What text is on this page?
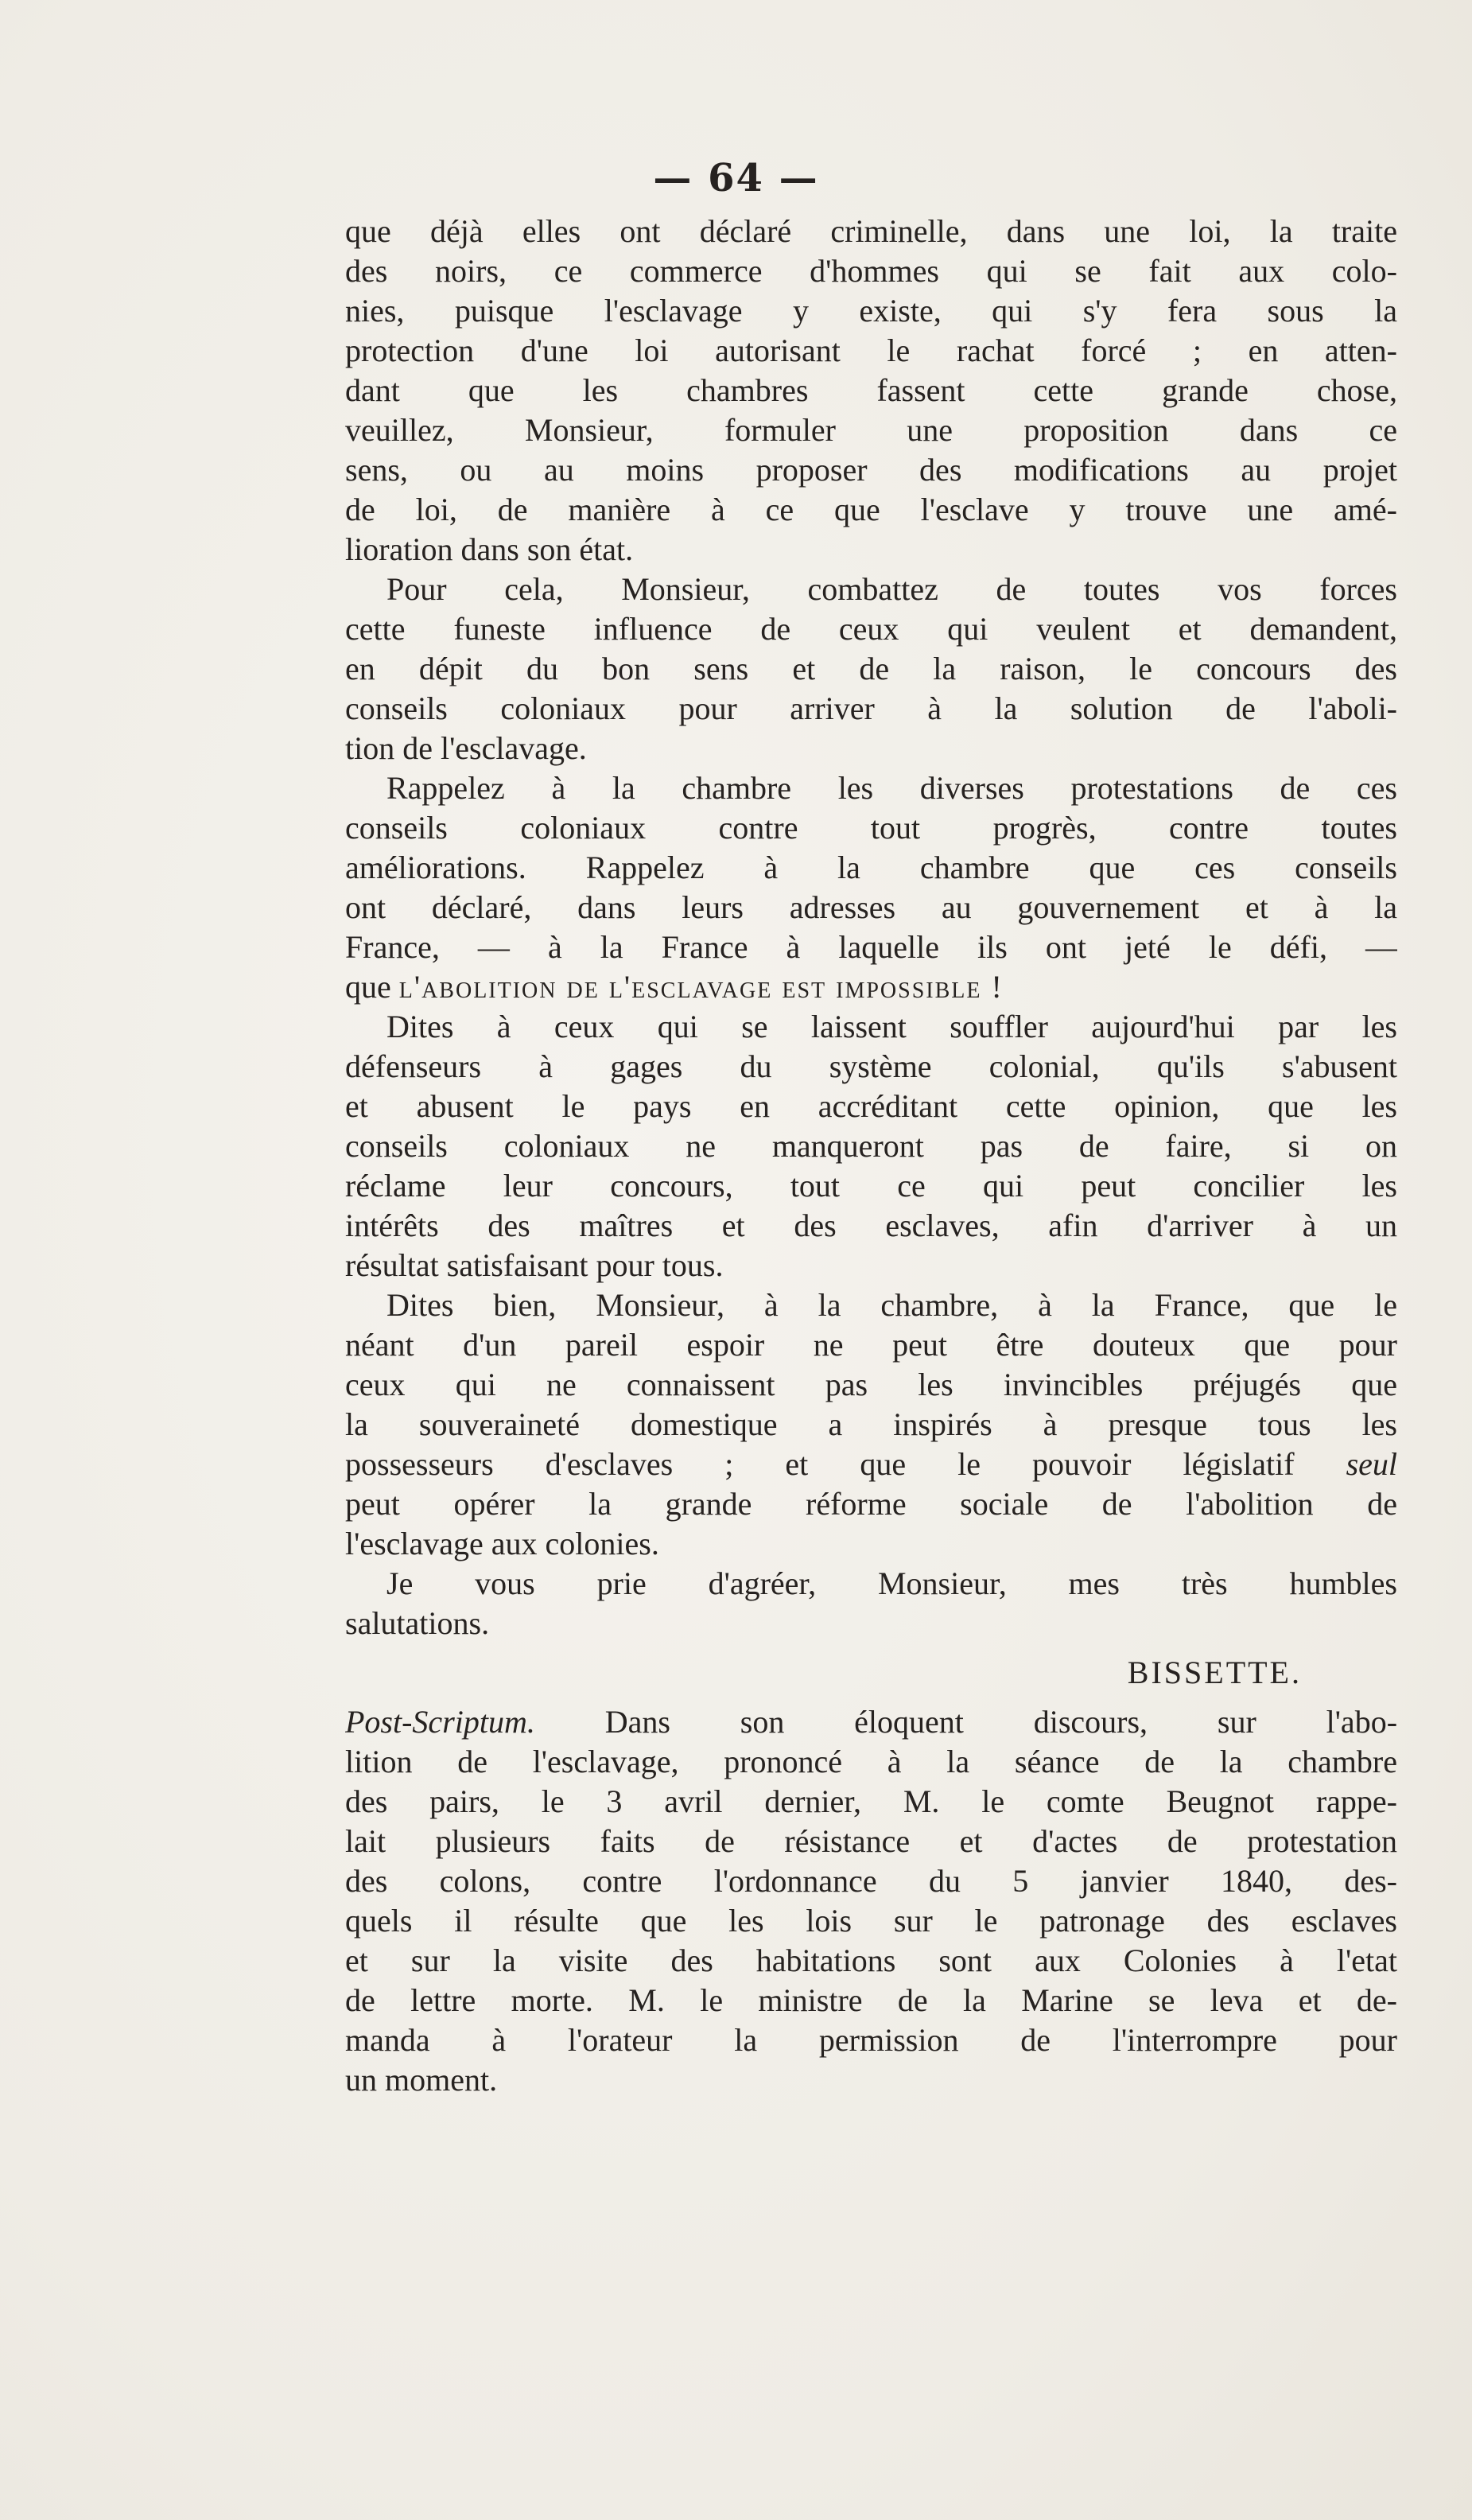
— 64 —
que déjà elles ont déclaré criminelle, dans une loi, la traite
des noirs, ce commerce d'hommes qui se fait aux colo-
nies, puisque l'esclavage y existe, qui s'y fera sous la
protection d'une loi autorisant le rachat forcé ; en atten-
dant que les chambres fassent cette grande chose,
veuillez, Monsieur, formuler une proposition dans ce
sens, ou au moins proposer des modifications au projet
de loi, de manière à ce que l'esclave y trouve une amé-
lioration dans son état.
Pour cela, Monsieur, combattez de toutes vos forces
cette funeste influence de ceux qui veulent et demandent,
en dépit du bon sens et de la raison, le concours des
conseils coloniaux pour arriver à la solution de l'aboli-
tion de l'esclavage.
Rappelez à la chambre les diverses protestations de ces
conseils coloniaux contre tout progrès, contre toutes
améliorations. Rappelez à la chambre que ces conseils
ont déclaré, dans leurs adresses au gouvernement et à la
France, — à la France à laquelle ils ont jeté le défi, —
que l'abolition de l'esclavage est impossible !
Dites à ceux qui se laissent souffler aujourd'hui par les
défenseurs à gages du système colonial, qu'ils s'abusent
et abusent le pays en accréditant cette opinion, que les
conseils coloniaux ne manqueront pas de faire, si on
réclame leur concours, tout ce qui peut concilier les
intérêts des maîtres et des esclaves, afin d'arriver à un
résultat satisfaisant pour tous.
Dites bien, Monsieur, à la chambre, à la France, que le
néant d'un pareil espoir ne peut être douteux que pour
ceux qui ne connaissent pas les invincibles préjugés que
la souveraineté domestique a inspirés à presque tous les
possesseurs d'esclaves ; et que le pouvoir législatif seul
peut opérer la grande réforme sociale de l'abolition de
l'esclavage aux colonies.
Je vous prie d'agréer, Monsieur, mes très humbles
salutations.
BISSETTE.
Post-Scriptum. Dans son éloquent discours, sur l'abo-
lition de l'esclavage, prononcé à la séance de la chambre
des pairs, le 3 avril dernier, M. le comte Beugnot rappe-
lait plusieurs faits de résistance et d'actes de protestation
des colons, contre l'ordonnance du 5 janvier 1840, des-
quels il résulte que les lois sur le patronage des esclaves
et sur la visite des habitations sont aux Colonies à l'etat
de lettre morte. M. le ministre de la Marine se leva et de-
manda à l'orateur la permission de l'interrompre pour
un moment.
